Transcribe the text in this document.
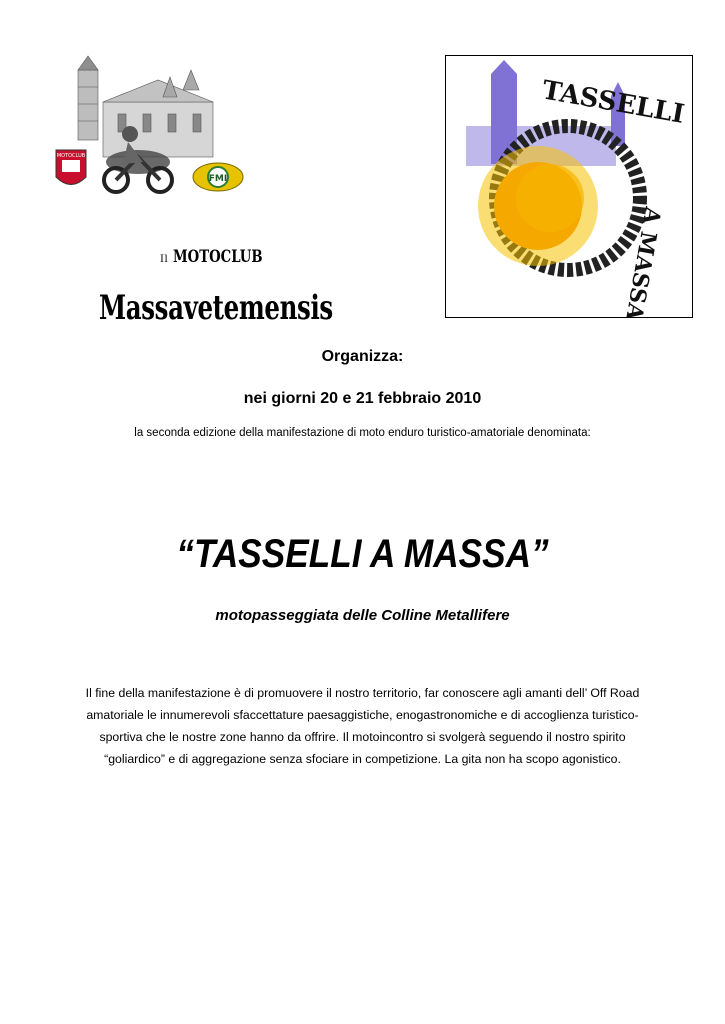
MOTOCLUB
FMI
TASSELLI
A MASSA
Il MOTOCLUB
Massavetemensis
Organizza:
nei giorni 20 e 21 febbraio 2010
la seconda edizione della manifestazione di moto enduro turistico-amatoriale denominata:
“TASSELLI A MASSA”
motopasseggiata delle Colline Metallifere
Il fine della manifestazione è di promuovere il nostro territorio, far conoscere agli amanti dell’ Off Road
amatoriale le innumerevoli sfaccettature paesaggistiche, enogastronomiche e di accoglienza turistico-
sportiva che le nostre zone hanno da offrire. Il motoincontro si svolgerà seguendo il nostro spirito
“goliardico” e di aggregazione senza sfociare in competizione. La gita non ha scopo agonistico.
